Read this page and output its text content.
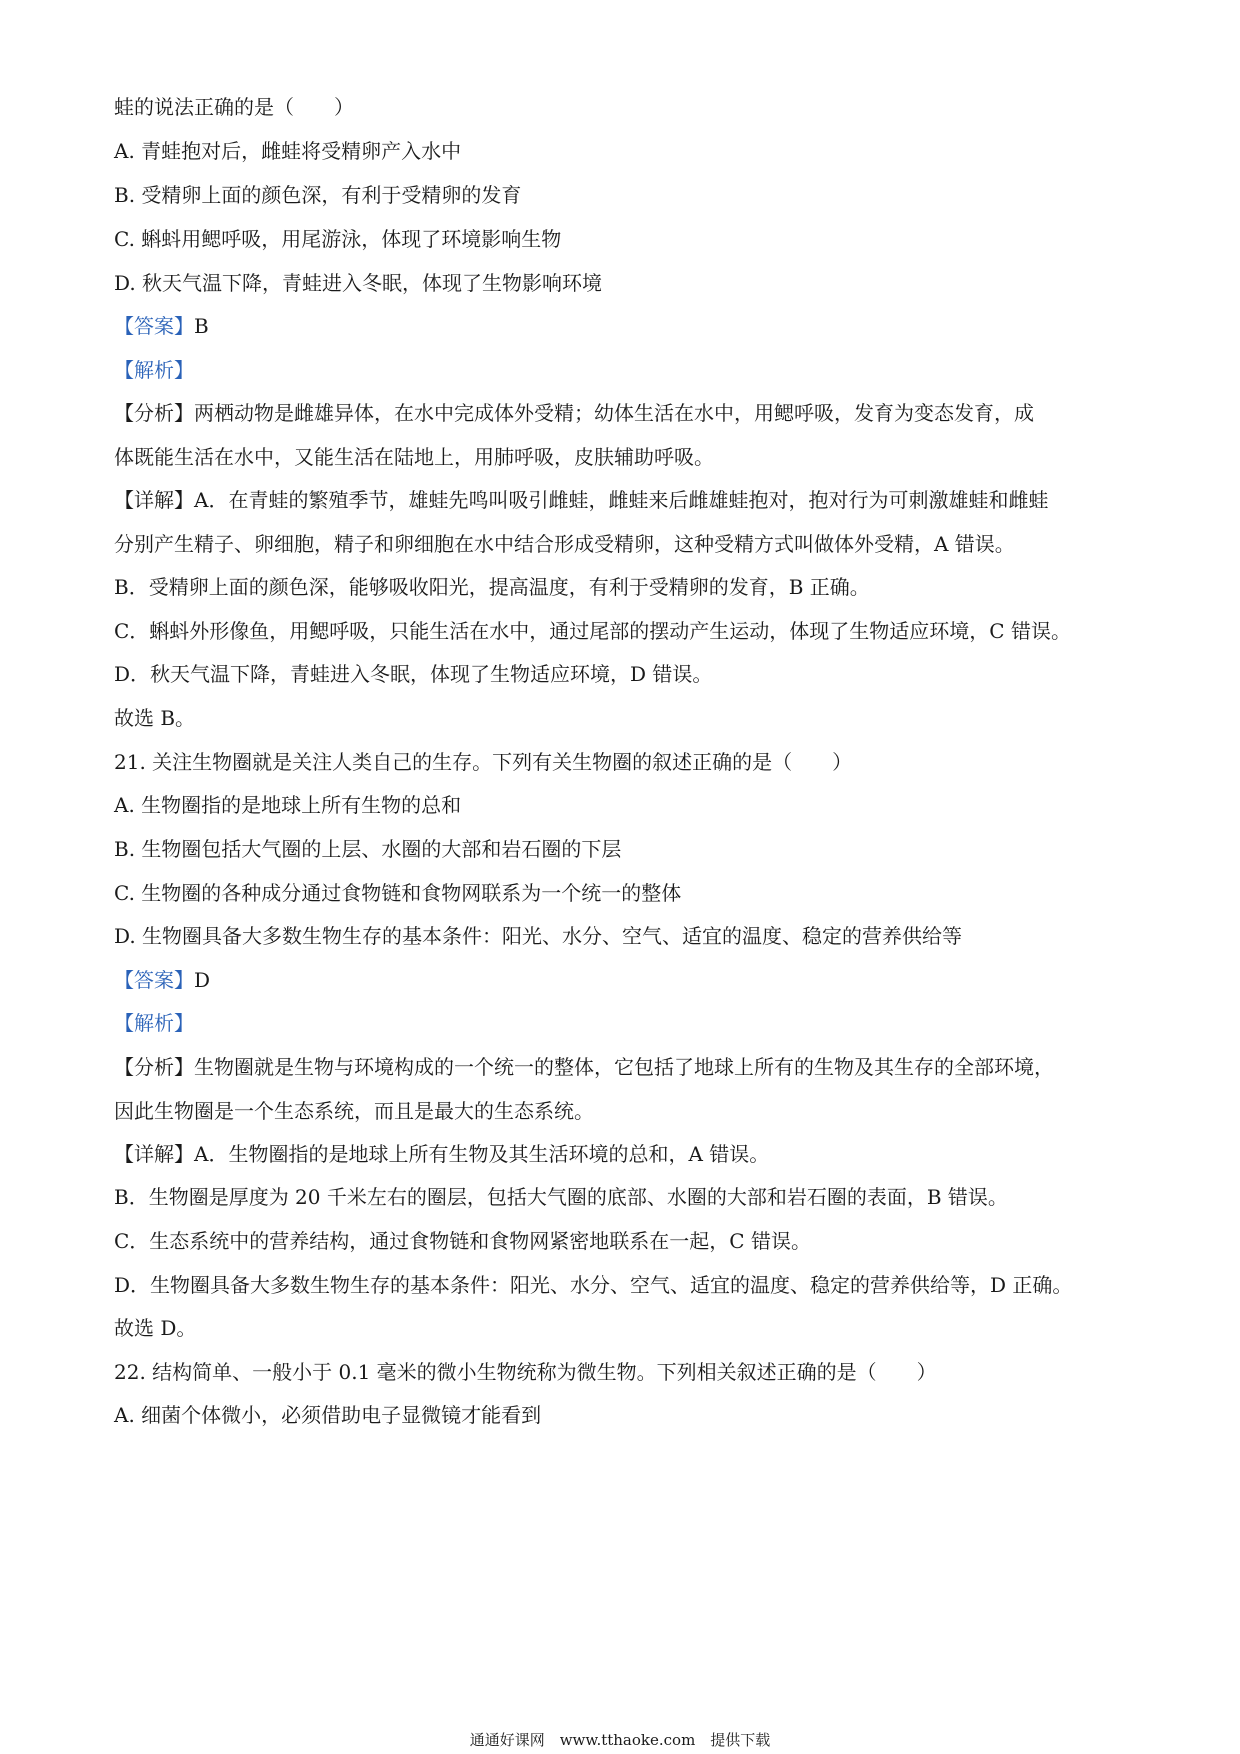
蛙的说法正确的是（　　）
A. 青蛙抱对后，雌蛙将受精卵产入水中
B. 受精卵上面的颜色深，有利于受精卵的发育
C. 蝌蚪用鳃呼吸，用尾游泳，体现了环境影响生物
D. 秋天气温下降，青蛙进入冬眠，体现了生物影响环境
【答案】B
【解析】
【分析】两栖动物是雌雄异体，在水中完成体外受精；幼体生活在水中，用鳃呼吸，发育为变态发育，成
体既能生活在水中，又能生活在陆地上，用肺呼吸，皮肤辅助呼吸。
【详解】A．在青蛙的繁殖季节，雄蛙先鸣叫吸引雌蛙，雌蛙来后雌雄蛙抱对，抱对行为可刺激雄蛙和雌蛙
分别产生精子、卵细胞，精子和卵细胞在水中结合形成受精卵，这种受精方式叫做体外受精，A 错误。
B．受精卵上面的颜色深，能够吸收阳光，提高温度，有利于受精卵的发育，B 正确。
C．蝌蚪外形像鱼，用鳃呼吸，只能生活在水中，通过尾部的摆动产生运动，体现了生物适应环境，C 错误。
D．秋天气温下降，青蛙进入冬眠，体现了生物适应环境，D 错误。
故选 B。
21. 关注生物圈就是关注人类自己的生存。下列有关生物圈的叙述正确的是（　　）
A. 生物圈指的是地球上所有生物的总和
B. 生物圈包括大气圈的上层、水圈的大部和岩石圈的下层
C. 生物圈的各种成分通过食物链和食物网联系为一个统一的整体
D. 生物圈具备大多数生物生存的基本条件：阳光、水分、空气、适宜的温度、稳定的营养供给等
【答案】D
【解析】
【分析】生物圈就是生物与环境构成的一个统一的整体，它包括了地球上所有的生物及其生存的全部环境，
因此生物圈是一个生态系统，而且是最大的生态系统。
【详解】A．生物圈指的是地球上所有生物及其生活环境的总和，A 错误。
B．生物圈是厚度为 20 千米左右的圈层，包括大气圈的底部、水圈的大部和岩石圈的表面，B 错误。
C．生态系统中的营养结构，通过食物链和食物网紧密地联系在一起，C 错误。
D．生物圈具备大多数生物生存的基本条件：阳光、水分、空气、适宜的温度、稳定的营养供给等，D 正确。
故选 D。
22. 结构简单、一般小于 0.1 毫米的微小生物统称为微生物。下列相关叙述正确的是（　　）
A. 细菌个体微小，必须借助电子显微镜才能看到
通通好课网　www.tthaoke.com　提供下载
